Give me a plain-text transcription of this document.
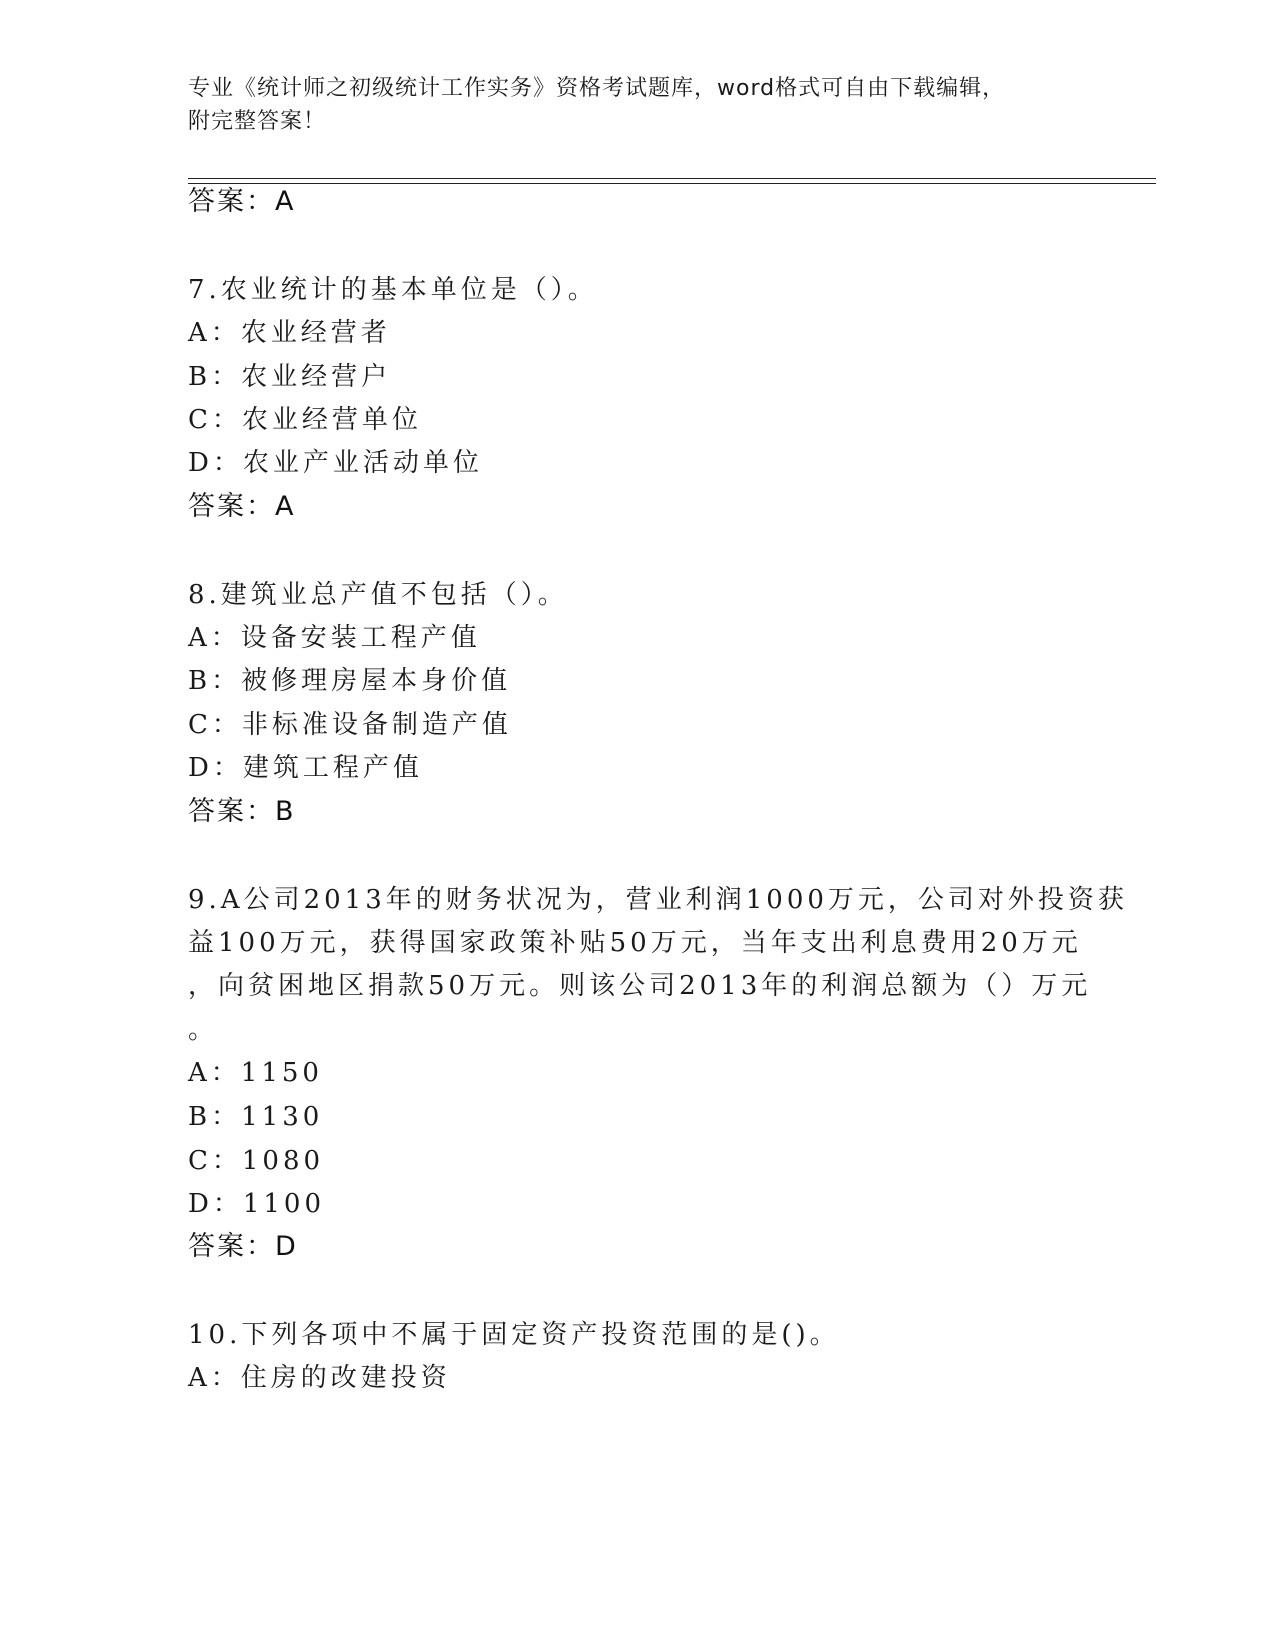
专业《统计师之初级统计工作实务》资格考试题库，word格式可自由下载编辑，
附完整答案！
答案：A
7.农业统计的基本单位是（）。
A：农业经营者
B：农业经营户
C：农业经营单位
D：农业产业活动单位
答案：A
8.建筑业总产值不包括（）。
A：设备安装工程产值
B：被修理房屋本身价值
C：非标准设备制造产值
D：建筑工程产值
答案：B
9.A公司2013年的财务状况为，营业利润1000万元，公司对外投资获
益100万元，获得国家政策补贴50万元，当年支出利息费用20万元
，向贫困地区捐款50万元。则该公司2013年的利润总额为（）万元
。
A：1150
B：1130
C：1080
D：1100
答案：D
10.下列各项中不属于固定资产投资范围的是()。
A：住房的改建投资
